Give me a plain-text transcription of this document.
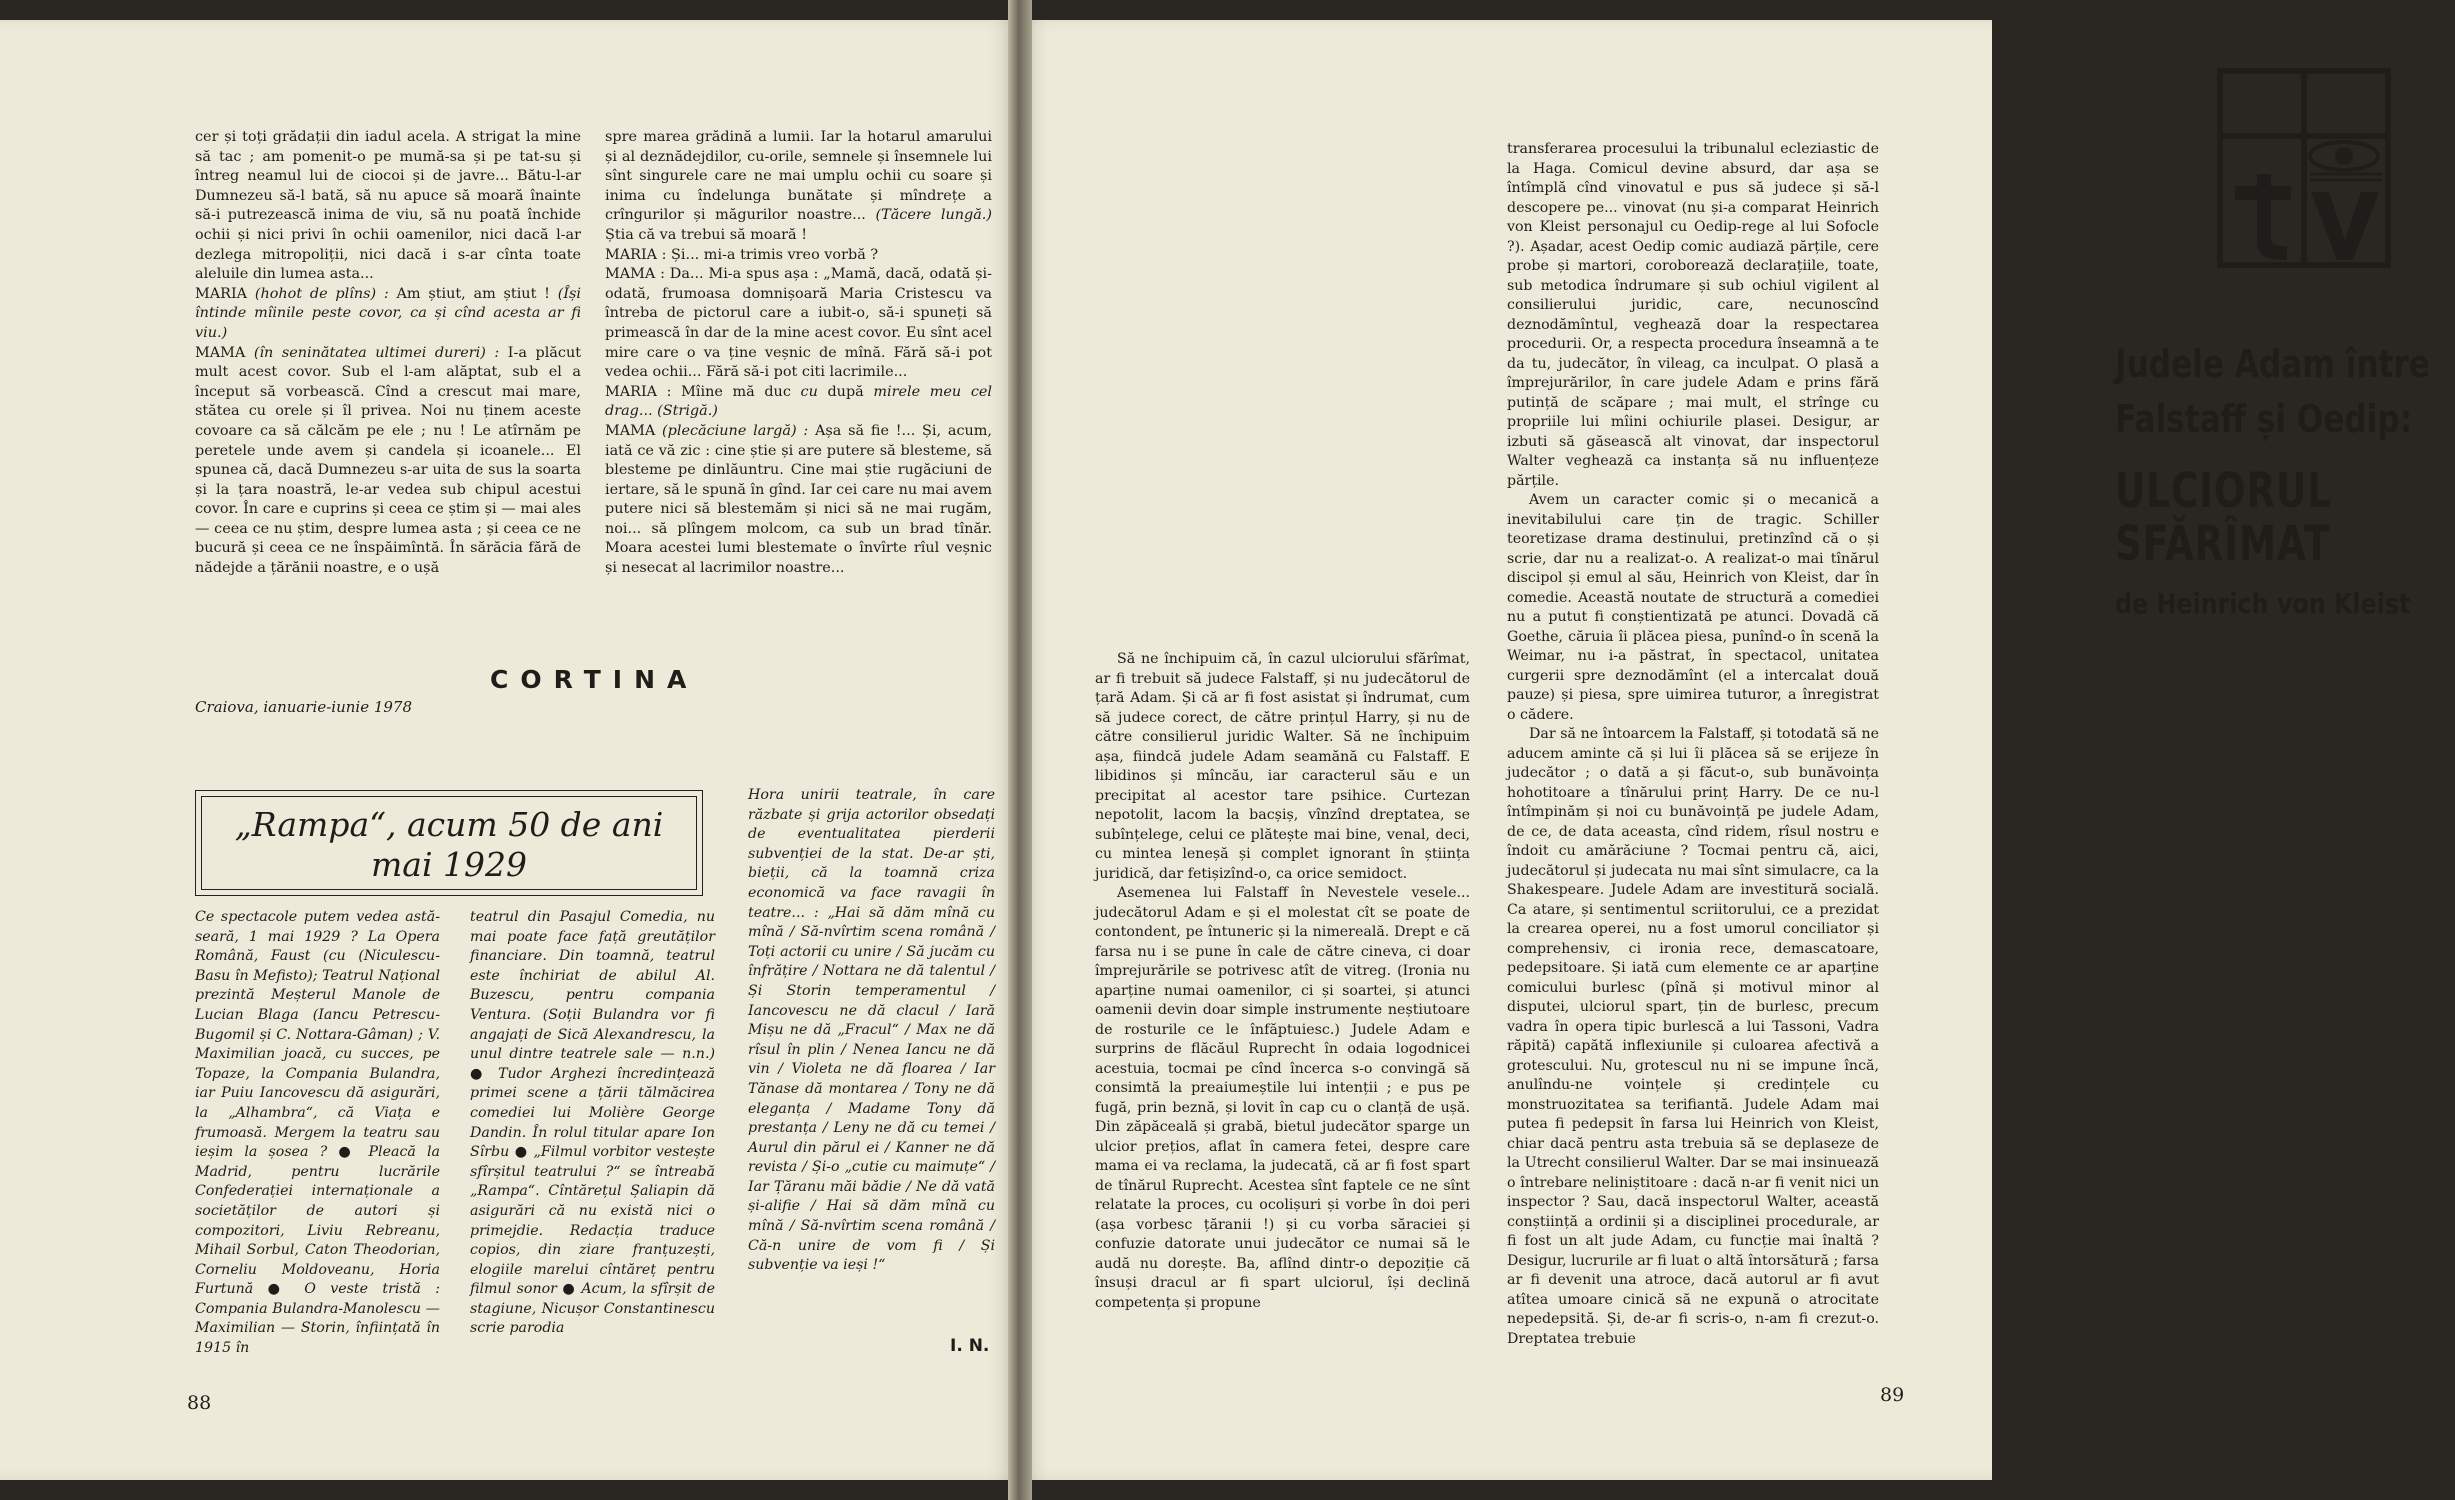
cer și toți grădații din iadul acela. A strigat la mine să tac ; am pomenit-o pe mumă-sa și pe tat-su și întreg neamul lui de ciocoi și de javre... Bătu-l-ar Dumnezeu să-l bată, să nu apuce să moară înainte să-i putrezească inima de viu, să nu poată închide ochii și nici privi în ochii oamenilor, nici dacă l-ar dezlega mitropoliții, nici dacă i s-ar cînta toate aleluile din lumea asta...

MARIA (hohot de plîns) : Am știut, am știut ! (Își întinde mîinile peste covor, ca și cînd acesta ar fi viu.)

MAMA (în seninătatea ultimei dureri) : I-a plăcut mult acest covor. Sub el l-am alăptat, sub el a început să vorbească. Cînd a crescut mai mare, stătea cu orele și îl privea. Noi nu ținem aceste covoare ca să călcăm pe ele ; nu ! Le atîrnăm pe peretele unde avem și candela și icoanele... El spunea că, dacă Dumnezeu s-ar uita de sus la soarta și la țara noastră, le-ar vedea sub chipul acestui covor. În care e cuprins și ceea ce știm și — mai ales — ceea ce nu știm, despre lumea asta ; și ceea ce ne bucură și ceea ce ne înspăimîntă. În sărăcia fără de nădejde a țărănii noastre, e o ușă

spre marea grădină a lumii. Iar la hotarul amarului și al deznădejdilor, cu-orile, semnele și însemnele lui sînt singurele care ne mai umplu ochii cu soare și inima cu îndelunga bunătate și mîndrețe a crîngurilor și măgurilor noastre... (Tăcere lungă.) Știa că va trebui să moară !

MARIA : Și... mi-a trimis vreo vorbă ?

MAMA : Da... Mi-a spus așa : „Mamă, dacă, odată și-odată, frumoasa domnișoară Maria Cristescu va întreba de pictorul care a iubit-o, să-i spuneți să primească în dar de la mine acest covor. Eu sînt acel mire care o va ține veșnic de mînă. Fără să-i pot vedea ochii... Fără să-i pot citi lacrimile...

MARIA : Mîine mă duc cu după mirele meu cel drag... (Strigă.)

MAMA (plecăciune largă) : Așa să fie !... Și, acum, iată ce vă zic : cine știe și are putere să blesteme, să blesteme pe dinlăuntru. Cine mai știe rugăciuni de iertare, să le spună în gînd. Iar cei care nu mai avem putere nici să blestemăm și nici să ne mai rugăm, noi... să plîngem molcom, ca sub un brad tînăr. Moara acestei lumi blestemate o învîrte rîul veșnic și nesecat al lacrimilor noastre...

CORTINA
Craiova, ianuarie-iunie 1978
„Rampa“, acum 50 de ani
mai 1929
Ce spectacole putem vedea astă-seară, 1 mai 1929 ? La Opera Română, Faust (cu (Niculescu-Basu în Mefisto); Teatrul Național prezintă Meșterul Manole de Lucian Blaga (Iancu Petrescu-Bugomil și C. Nottara-Gâman) ; V. Maximilian joacă, cu succes, pe Topaze, la Compania Bulandra, iar Puiu Iancovescu dă asigurări, la „Alhambra“, că Viața e frumoasă. Mergem la teatru sau ieșim la șosea ? ● Pleacă la Madrid, pentru lucrările Confederației internaționale a societăților de autori și compozitori, Liviu Rebreanu, Mihail Sorbul, Caton Theodorian, Corneliu Moldoveanu, Horia Furtună ● O veste tristă : Compania Bulandra-Manolescu — Maximilian — Storin, înființată în 1915 în
teatrul din Pasajul Comedia, nu mai poate face față greutăților financiare. Din toamnă, teatrul este închiriat de abilul Al. Buzescu, pentru compania Ventura. (Soții Bulandra vor fi angajați de Sică Alexandrescu, la unul dintre teatrele sale — n.n.) ● Tudor Arghezi încredințează primei scene a țării tălmăcirea comediei lui Molière George Dandin. În rolul titular apare Ion Sîrbu ● „Filmul vorbitor vestește sfîrșitul teatrului ?“ se întreabă „Rampa“. Cîntărețul Șaliapin dă asigurări că nu există nici o primejdie. Redacția traduce copios, din ziare franțuzești, elogiile marelui cîntăreț pentru filmul sonor ● Acum, la sfîrșit de stagiune, Nicușor Constantinescu scrie parodia
Hora unirii teatrale, în care răzbate și grija actorilor obsedați de eventualitatea pierderii subvenției de la stat. De-ar ști, bieții, că la toamnă criza economică va face ravagii în teatre... : „Hai să dăm mînă cu mînă / Să-nvîrtim scena română / Toți actorii cu unire / Să jucăm cu înfrățire / Nottara ne dă talentul / Și Storin temperamentul / Iancovescu ne dă clacul / Iară Mișu ne dă „Fracul“ / Max ne dă rîsul în plin / Nenea Iancu ne dă vin / Violeta ne dă floarea / Iar Tănase dă montarea / Tony ne dă eleganța / Madame Tony dă prestanța / Leny ne dă cu temei / Aurul din părul ei / Kanner ne dă revista / Și-o „cutie cu maimuțe“ / Iar Țăranu măi bădie / Ne dă vată și-alifie / Hai să dăm mînă cu mînă / Să-nvîrtim scena română / Că-n unire de vom fi / Și subvenție va ieși !“
I. N.
88
Judele Adam între
Falstaff și Oedip:
ULCIORUL
SFĂRÎMAT
de Heinrich von Kleist

Să ne închipuim că, în cazul ulciorului sfărîmat, ar fi trebuit să judece Falstaff, și nu judecătorul de țară Adam. Și că ar fi fost asistat și îndrumat, cum să judece corect, de către prințul Harry, și nu de către consilierul juridic Walter. Să ne închipuim așa, fiindcă judele Adam seamănă cu Falstaff. E libidinos și mîncău, iar caracterul său e un precipitat al acestor tare psihice. Curtezan nepotolit, lacom la bacșiș, vînzînd dreptatea, se subînțelege, celui ce plătește mai bine, venal, deci, cu mintea leneșă și complet ignorant în știința juridică, dar fetișizînd-o, ca orice semidoct.

Asemenea lui Falstaff în Nevestele vesele... judecătorul Adam e și el molestat cît se poate de contondent, pe întuneric și la nimereală. Drept e că farsa nu i se pune în cale de către cineva, ci doar împrejurările se potrivesc atît de vitreg. (Ironia nu aparține numai oamenilor, ci și soartei, și atunci oamenii devin doar simple instrumente neștiutoare de rosturile ce le înfăptuiesc.) Judele Adam e surprins de flăcăul Ruprecht în odaia logodnicei acestuia, tocmai pe cînd încerca s-o convingă să consimtă la preaiumeștile lui intenții ; e pus pe fugă, prin beznă, și lovit în cap cu o clanță de ușă. Din zăpăceală și grabă, bietul judecător sparge un ulcior prețios, aflat în camera fetei, despre care mama ei va reclama, la judecată, că ar fi fost spart de tînărul Ruprecht. Acestea sînt faptele ce ne sînt relatate la proces, cu ocolișuri și vorbe în doi peri (așa vorbesc țăranii !) și cu vorba săraciei și confuzie datorate unui judecător ce numai să le audă nu dorește. Ba, aflînd dintr-o depoziție că însuși dracul ar fi spart ulciorul, își declină competența și propune

transferarea procesului la tribunalul ecleziastic de la Haga. Comicul devine absurd, dar așa se întîmplă cînd vinovatul e pus să judece și să-l descopere pe... vinovat (nu și-a comparat Heinrich von Kleist personajul cu Oedip-rege al lui Sofocle ?). Așadar, acest Oedip comic audiază părțile, cere probe și martori, coroborează declarațiile, toate, sub metodica îndrumare și sub ochiul vigilent al consilierului juridic, care, necunoscînd deznodămîntul, veghează doar la respectarea procedurii. Or, a respecta procedura înseamnă a te da tu, judecător, în vileag, ca inculpat. O plasă a împrejurărilor, în care judele Adam e prins fără putință de scăpare ; mai mult, el strînge cu propriile lui mîini ochiurile plasei. Desigur, ar izbuti să găsească alt vinovat, dar inspectorul Walter veghează ca instanța să nu influențeze părțile.

Avem un caracter comic și o mecanică a inevitabilului care țin de tragic. Schiller teoretizase drama destinului, pretinzînd că o și scrie, dar nu a realizat-o. A realizat-o mai tînărul discipol și emul al său, Heinrich von Kleist, dar în comedie. Această noutate de structură a comediei nu a putut fi conștientizată pe atunci. Dovadă că Goethe, căruia îi plăcea piesa, punînd-o în scenă la Weimar, nu i-a păstrat, în spectacol, unitatea curgerii spre deznodămînt (el a intercalat două pauze) și piesa, spre uimirea tuturor, a înregistrat o cădere.

Dar să ne întoarcem la Falstaff, și totodată să ne aducem aminte că și lui îi plăcea să se erijeze în judecător ; o dată a și făcut-o, sub bunăvoința hohotitoare a tînărului prinț Harry. De ce nu-l întîmpinăm și noi cu bunăvoință pe judele Adam, de ce, de data aceasta, cînd ridem, rîsul nostru e îndoit cu amărăciune ? Tocmai pentru că, aici, judecătorul și judecata nu mai sînt simulacre, ca la Shakespeare. Judele Adam are investitură socială. Ca atare, și sentimentul scriitorului, ce a prezidat la crearea operei, nu a fost umorul conciliator și comprehensiv, ci ironia rece, demascatoare, pedepsitoare. Și iată cum elemente ce ar aparține comicului burlesc (pînă și motivul minor al disputei, ulciorul spart, țin de burlesc, precum vadra în opera tipic burlescă a lui Tassoni, Vadra răpită) capătă inflexiunile și culoarea afectivă a grotescului. Nu, grotescul nu ni se impune încă, anulîndu-ne voințele și credințele cu monstruozitatea sa terifiantă. Judele Adam mai putea fi pedepsit în farsa lui Heinrich von Kleist, chiar dacă pentru asta trebuia să se deplaseze de la Utrecht consilierul Walter. Dar se mai insinuează o întrebare neliniștitoare : dacă n-ar fi venit nici un inspector ? Sau, dacă inspectorul Walter, această conștiință a ordinii și a disciplinei procedurale, ar fi fost un alt jude Adam, cu funcție mai înaltă ? Desigur, lucrurile ar fi luat o altă întorsătură ; farsa ar fi devenit una atroce, dacă autorul ar fi avut atîtea umoare cinică să ne expună o atrocitate nepedepsită. Și, de-ar fi scris-o, n-am fi crezut-o. Dreptatea trebuie

89
